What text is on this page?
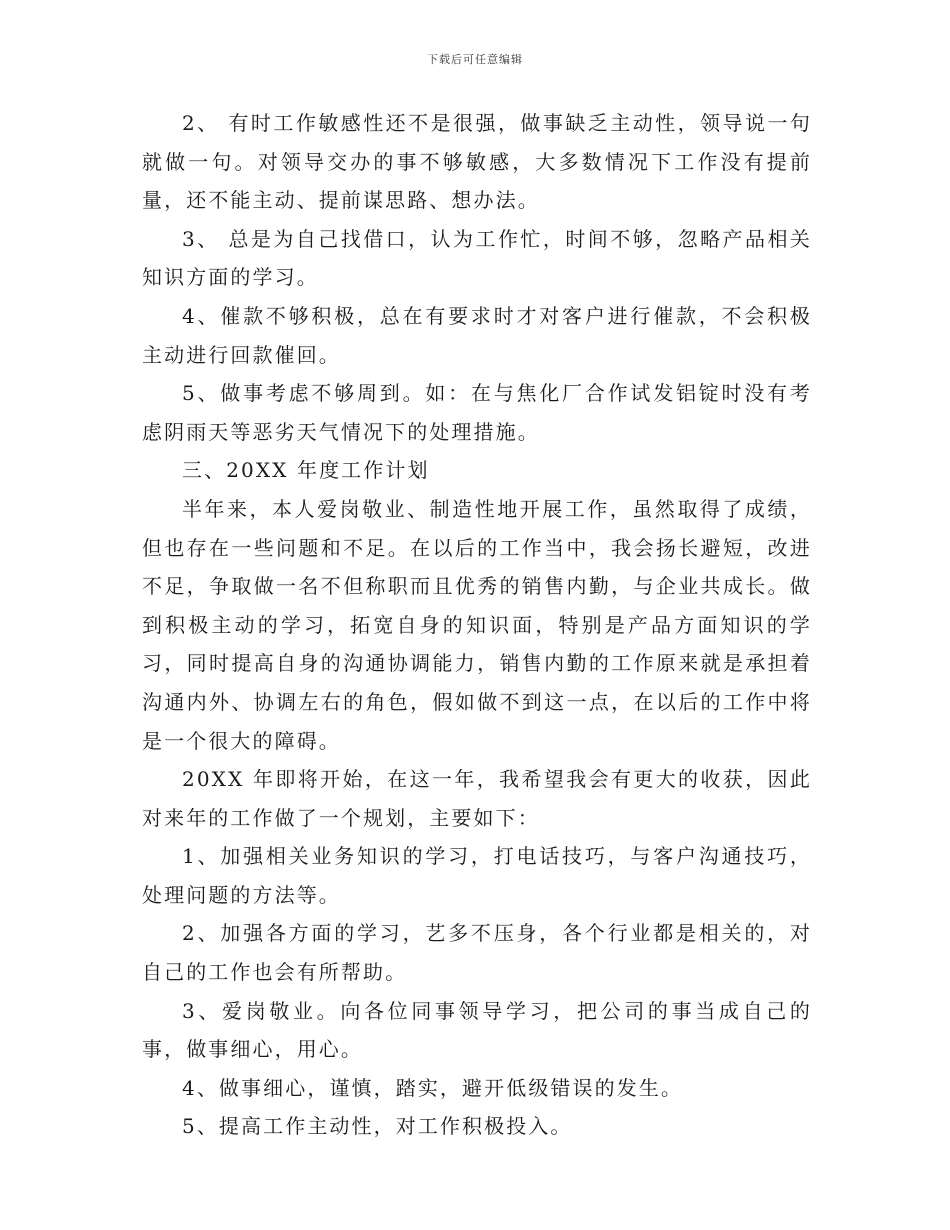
下载后可任意编辑

2、 有时工作敏感性还不是很强，做事缺乏主动性，领导说一句就做一句。对领导交办的事不够敏感，大多数情况下工作没有提前量，还不能主动、提前谋思路、想办法。

3、 总是为自己找借口，认为工作忙，时间不够，忽略产品相关知识方面的学习。

4、催款不够积极，总在有要求时才对客户进行催款，不会积极主动进行回款催回。

5、做事考虑不够周到。如：在与焦化厂合作试发铝锭时没有考虑阴雨天等恶劣天气情况下的处理措施。

三、20XX 年度工作计划

半年来，本人爱岗敬业、制造性地开展工作，虽然取得了成绩，但也存在一些问题和不足。在以后的工作当中，我会扬长避短，改进不足，争取做一名不但称职而且优秀的销售内勤，与企业共成长。做到积极主动的学习，拓宽自身的知识面，特别是产品方面知识的学习，同时提高自身的沟通协调能力，销售内勤的工作原来就是承担着沟通内外、协调左右的角色，假如做不到这一点，在以后的工作中将是一个很大的障碍。

20XX 年即将开始，在这一年，我希望我会有更大的收获，因此对来年的工作做了一个规划，主要如下：

1、加强相关业务知识的学习，打电话技巧，与客户沟通技巧，处理问题的方法等。

2、加强各方面的学习，艺多不压身，各个行业都是相关的，对自己的工作也会有所帮助。

3、爱岗敬业。向各位同事领导学习，把公司的事当成自己的事，做事细心，用心。

4、做事细心，谨慎，踏实，避开低级错误的发生。

5、提高工作主动性，对工作积极投入。
